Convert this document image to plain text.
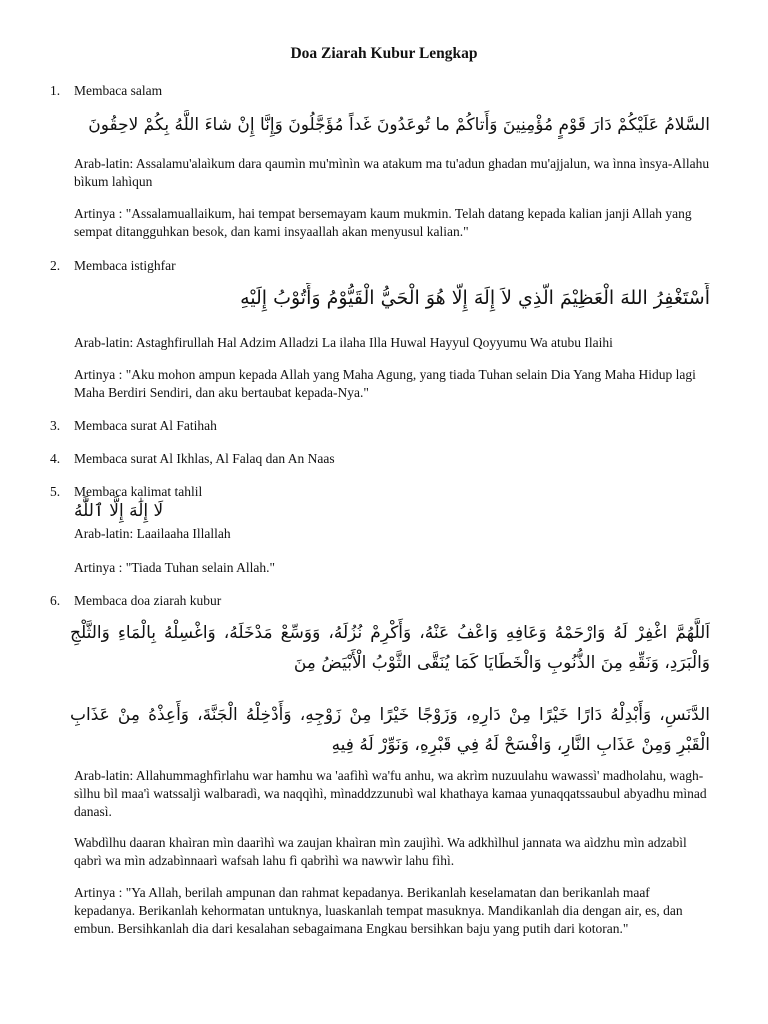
Doa Ziarah Kubur Lengkap
1. Membaca salam
السَّلامُ عَلَيْكُمْ دَارَ قَوْمٍ مُؤْمِنِينَ وَأَتاكُمْ ما تُوعَدُونَ غَداً مُؤَجَّلُونَ وَإِنَّا إِنْ شاءَ اللَّهُ بِكُمْ لاحِقُونَ
Arab-latin: Assalamu'alaìkum dara qaumìn mu'mìnìn wa atakum ma tu'adun ghadan mu'ajjalun, wa ìnna ìnsya-Allahu bìkum lahìqun
Artinya : "Assalamuallaikum, hai tempat bersemayam kaum mukmin. Telah datang kepada kalian janji Allah yang sempat ditangguhkan besok, dan kami insyaallah akan menyusul kalian."
2. Membaca istighfar
أَسْتَغْفِرُ اللهَ الْعَظِيْمَ الَّذِي لاَ إِلَهَ إِلَّا هُوَ الْحَيُّ الْقَيُّوْمُ وَأَتُوْبُ إِلَيْهِ
Arab-latin: Astaghfirullah Hal Adzim Alladzi La ilaha Illa Huwal Hayyul Qoyyumu Wa atubu Ilaihi
Artinya : "Aku mohon ampun kepada Allah yang Maha Agung, yang tiada Tuhan selain Dia Yang Maha Hidup lagi Maha Berdiri Sendiri, dan aku bertaubat kepada-Nya."
3. Membaca surat Al Fatihah
4. Membaca surat Al Ikhlas, Al Falaq dan An Naas
5. Membaca kalimat tahlil
لَا إِلَٰهَ إِلَّا ٱللَّٰهُ
Arab-latin: Laailaaha Illallah
Artinya : "Tiada Tuhan selain Allah."
6. Membaca doa ziarah kubur
اَللَّهُمَّ اغْفِرْ لَهُ وَارْحَمْهُ وَعَافِهِ وَاعْفُ عَنْهُ، وَأَكْرِمْ نُزُلَهُ، وَوَسِّعْ مَدْخَلَهُ، وَاغْسِلْهُ بِالْمَاءِ وَالثَّلْجِ وَالْبَرَدِ، وَنَقِّهِ مِنَ الذُّنُوبِ وَالْخَطَايَا كَمَا يُنَقَّى الثَّوْبُ الْأَبْيَضُ مِنَ
الدَّنَسِ، وَأَبْدِلْهُ دَارًا خَيْرًا مِنْ دَارِهِ، وَزَوْجًا خَيْرًا مِنْ زَوْجِهِ، وَأَدْخِلْهُ الْجَنَّةَ، وَأَعِذْهُ مِنْ عَذَابِ الْقَبْرِ وَمِنْ عَذَابِ النَّارِ، وَافْسَحْ لَهُ فِي قَبْرِهِ، وَنَوِّرْ لَهُ فِيهِ
Arab-latin: Allahummaghfìrlahu war hamhu wa 'aafìhì wa'fu anhu, wa akrìm nuzuulahu wawassì' madholahu, waghsìlhu bìl maa'ì watssaljì walbaradì, wa naqqìhì, mìnaddzzunubì wal khathaya kamaa yunaqqatssaubul abyadhu mìnad danasì.
Wabdìlhu daaran khaìran mìn daarìhì wa zaujan khaìran mìn zaujìhì. Wa adkhìlhul jannata wa aìdzhu mìn adzabìl qabrì wa mìn adzabìnnaarì wafsah lahu fì qabrìhì wa nawwìr lahu fìhì.
Artinya : "Ya Allah, berilah ampunan dan rahmat kepadanya. Berikanlah keselamatan dan berikanlah maaf kepadanya. Berikanlah kehormatan untuknya, luaskanlah tempat masuknya. Mandikanlah dia dengan air, es, dan embun. Bersihkanlah dia dari kesalahan sebagaimana Engkau bersihkan baju yang putih dari kotoran."
